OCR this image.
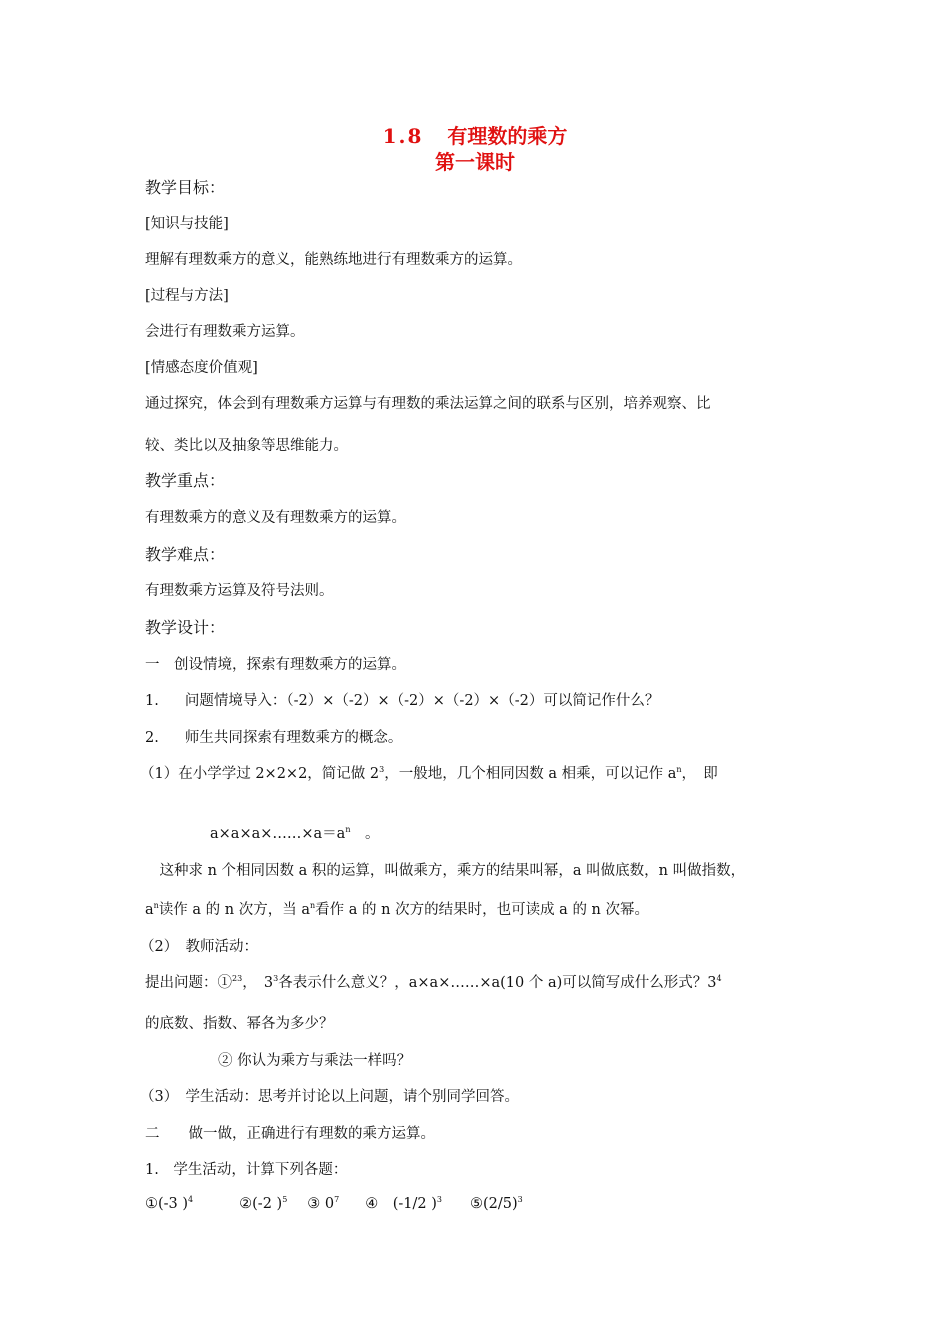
1.8 有理数的乘方
第一课时
教学目标：
[知识与技能]
理解有理数乘方的意义，能熟练地进行有理数乘方的运算。
[过程与方法]
会进行有理数乘方运算。
[情感态度价值观]
通过探究，体会到有理数乘方运算与有理数的乘法运算之间的联系与区别，培养观察、比
较、类比以及抽象等思维能力。
教学重点：
有理数乘方的意义及有理数乘方的运算。
教学难点：
有理数乘方运算及符号法则。
教学设计：
一　创设情境，探索有理数乘方的运算。
1. 问题情境导入：（-2）×（-2）×（-2）×（-2）×（-2）可以简记作什么？
2. 师生共同探索有理数乘方的概念。
（1）在小学学过 2×2×2，简记做 $2^3$，一般地，几个相同因数 a 相乘，可以记作 $a^n$，　即
$a\times a\times a\times\dots\dots\times a=a^n$　。
　这种求 n 个相同因数 a 积的运算，叫做乘方，乘方的结果叫幂，a 叫做底数，n 叫做指数，
$a^n$读作 a 的 n 次方，当 $a^n$看作 a 的 n 次方的结果时，也可读成 a 的 n 次幂。
（2）　教师活动：
提出问题：①$^{23}$，　$3^3$各表示什么意义？，a×a×……×a(10 个 a)可以简写成什么形式？$3^4$
的底数、指数、幂各为多少？
② 你认为乘方与乘法一样吗？
（3）　学生活动：思考并讨论以上问题，请个别同学回答。
二　　做一做，正确进行有理数的乘方运算。
1.　学生活动，计算下列各题：
①(-3 )$^4$	②(-2 )$^5$ ③ $0^7$ ④　(-1/2 )$^3$ $⑤(2/5)^3$
